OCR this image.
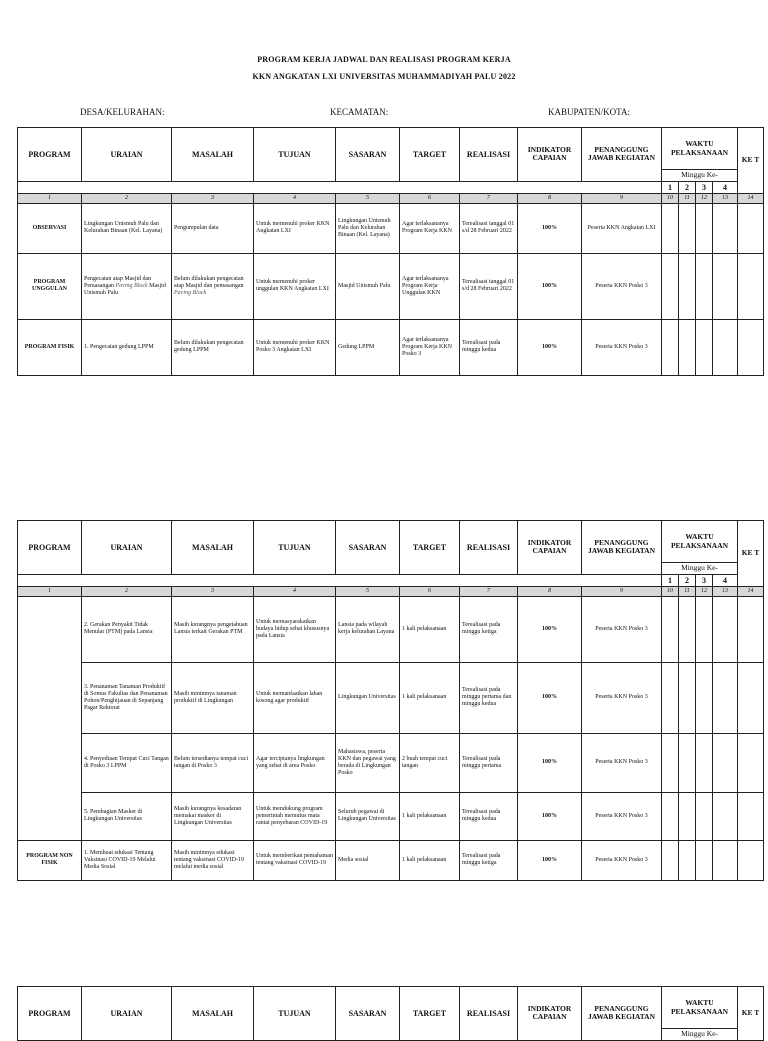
PROGRAM KERJA JADWAL DAN REALISASI PROGRAM KERJA
KKN ANGKATAN LXI UNIVERSITAS MUHAMMADIYAH PALU 2022
DESA/KELURAHAN:	KECAMATAN:	KABUPATEN/KOTA:
PROGRAM	URAIAN	MASALAH	TUJUAN	SASARAN	TARGET	REALISASI	INDIKATOR CAPAIAN	PENANGGUNG JAWAB KEGIATAN	WAKTU PELAKSANAAN				KE T
									Minggu Ke-				
									1	2	3	4	
1	2	3	4	5	6	7	8	9	10	11	12	13	14
OBSERVASI	Lingkungan Unismuh Palu dan Kelurahan Binaan (Kel. Layana)	Pengumpulan data	Untuk memenuhi proker KKN Angkatan LXI	Lingkungan Unismuh Palu dan Kelurahan Binaan (Kel. Layana)	Agar terlaksananya Program Kerja KKN	Terealisasi tanggal 01 s/d 28 Februari 2022	100%	Peserta KKN Angkatan LXI					
PROGRAM UNGGULAN	Pengecatan atap Masjid dan Pemasangan Paving Block Masjid Unismuh Palu	Belum dilakukan pengecatan atap Masjid dan pemasangan Paving Block	Untuk memenuhi proker unggulan KKN Angkatan LXI	Masjid Unismuh Palu	Agar terlaksananya Program Kerja Unggulan KKN	Terealisasi tanggal 01 s/d 28 Februari 2022	100%	Peserta KKN Posko 3					
PROGRAM FISIK	1. Pengecatan gedung LPPM	Belum dilakukan pengecatan gedung LPPM	Untuk memenuhi proker KKN Posko 3 Angkatan LXI	Gedung LPPM	Agar terlaksananya Program Kerja KKN Posko 3	Terealisasi pada minggu kedua	100%	Peserta KKN Posko 3					
PROGRAM	URAIAN	MASALAH	TUJUAN	SASARAN	TARGET	REALISASI	INDIKATOR CAPAIAN	PENANGGUNG JAWAB KEGIATAN	WAKTU PELAKSANAAN				KE T
									Minggu Ke-				
									1	2	3	4	
1	2	3	4	5	6	7	8	9	10	11	12	13	14
	2. Gerakan Penyakit Tidak Menular (PTM) pada Lansia	Masih kurangnya pengetahuan Lansia terkait Gerakan PTM	Untuk memasyarakatkan budaya hidup sehat khususnya pada Lansia	Lansia pada wilayah kerja kelurahan Layana	1 kali pelaksanaan	Terealisasi pada minggu ketiga	100%	Peserta KKN Posko 3					
	3. Penanaman Tanaman Produktif di Somus Fakultas dan Penanaman Pohon/Penghijauan di Sepanjang Pagar Rektorat	Masih minimnya tanaman produktif di Lingkungan	Untuk memanfaatkan lahan kosong agar produktif	Lingkungan Universitas	1 kali pelaksanaan	Terealisasi pada minggu pertama dan minggu kedua	100%	Peserta KKN Posko 3					
	4. Penyediaan Tempat Cuci Tangan di Posko 3 LPPM	Belum tersedianya tempat cuci tangan di Posko 3	Agar terciptanya lingkungan yang sehat di area Posko	Mahasiswa, peserta KKN dan pegawai yang berada di Lingkungan Posko	2 buah tempat cuci tangan	Terealisasi pada minggu pertama	100%	Peserta KKN Posko 3					
	5. Pembagian Masker di Lingkungan Universitas	Masih kurangnya kesadaran memakai masker di Lingkungan Universitas	Untuk mendukung program pemerintah memutus mata rantai penyebaran COVID-19	Seluruh pegawai di Lingkungan Universitas	1 kali pelaksanaan	Terealisasi pada minggu kedua	100%	Peserta KKN Posko 3					
PROGRAM NON FISIK	1. Membuat edukasi Tentang Vaksinasi COVID-19 Melalui Media Sosial	Masih minimnya edukasi tentang vaksinasi COVID-19 melalui media sosial	Untuk memberikan pemahaman tentang vaksinasi COVID-19	Media sosial	1 kali pelaksanaan	Terealisasi pada minggu ketiga	100%	Peserta KKN Posko 3					
PROGRAM	URAIAN	MASALAH	TUJUAN	SASARAN	TARGET	REALISASI	INDIKATOR CAPAIAN	PENANGGUNG JAWAB KEGIATAN	WAKTU PELAKSANAAN	KE T
Minggu Ke-
